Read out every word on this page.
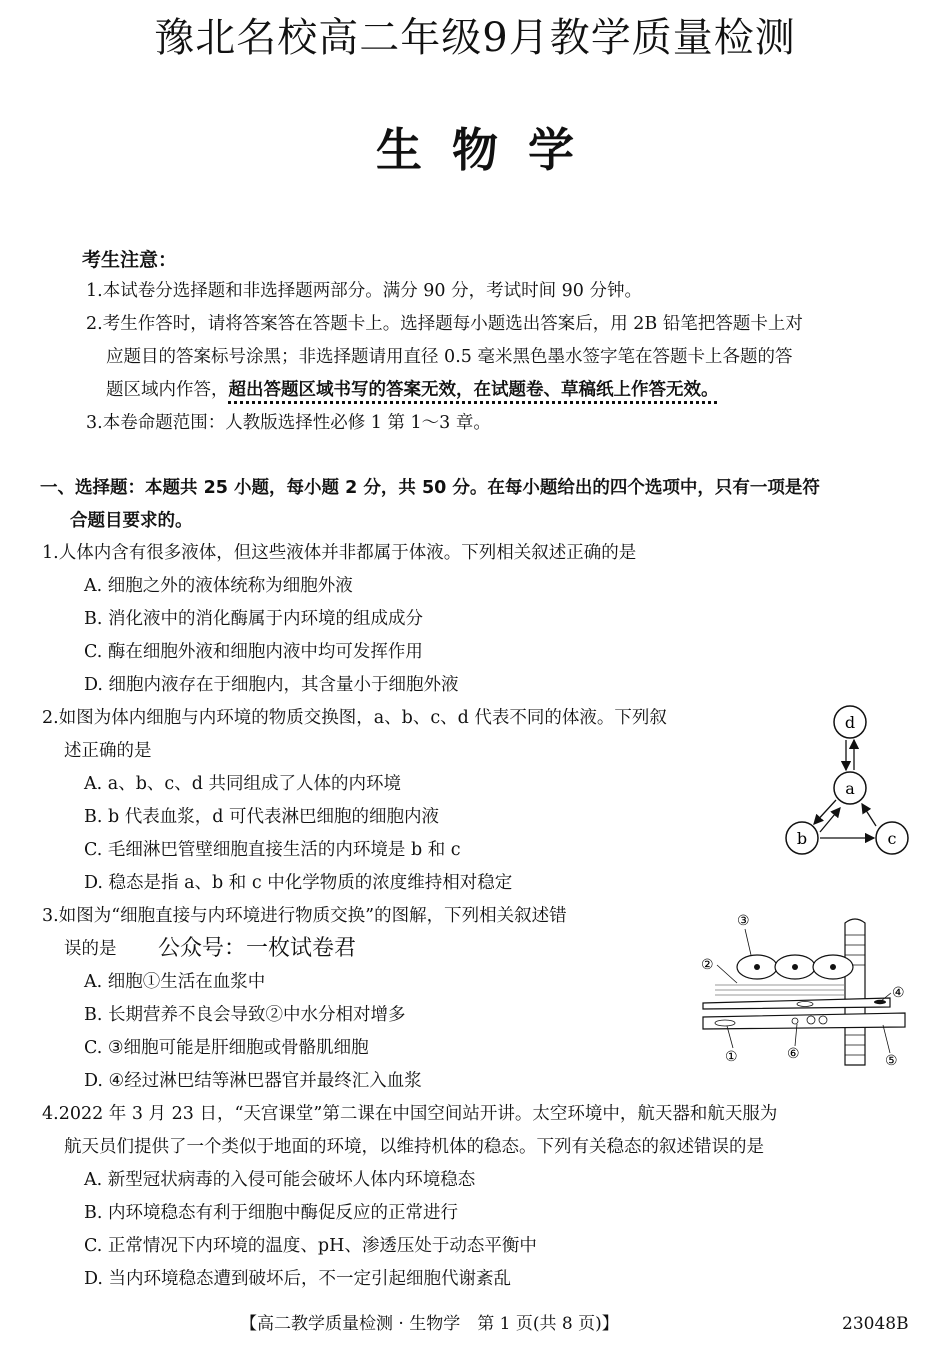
豫北名校高二年级9月教学质量检测
生物学
考生注意：
1.本试卷分选择题和非选择题两部分。满分 90 分，考试时间 90 分钟。
2.考生作答时，请将答案答在答题卡上。选择题每小题选出答案后，用 2B 铅笔把答题卡上对
应题目的答案标号涂黑；非选择题请用直径 0.5 毫米黑色墨水签字笔在答题卡上各题的答
题区域内作答，超出答题区域书写的答案无效，在试题卷、草稿纸上作答无效。
3.本卷命题范围：人教版选择性必修 1 第 1～3 章。
一、选择题：本题共 25 小题，每小题 2 分，共 50 分。在每小题给出的四个选项中，只有一项是符
合题目要求的。
1.人体内含有很多液体，但这些液体并非都属于体液。下列相关叙述正确的是
A. 细胞之外的液体统称为细胞外液
B. 消化液中的消化酶属于内环境的组成成分
C. 酶在细胞外液和细胞内液中均可发挥作用
D. 细胞内液存在于细胞内，其含量小于细胞外液
2.如图为体内细胞与内环境的物质交换图，a、b、c、d 代表不同的体液。下列叙
述正确的是
A. a、b、c、d 共同组成了人体的内环境
B. b 代表血浆，d 可代表淋巴细胞的细胞内液
C. 毛细淋巴管壁细胞直接生活的内环境是 b 和 c
D. 稳态是指 a、b 和 c 中化学物质的浓度维持相对稳定
d
a
b	c
3.如图为“细胞直接与内环境进行物质交换”的图解，下列相关叙述错
误的是 公众号：一枚试卷君
A. 细胞①生活在血浆中
B. 长期营养不良会导致②中水分相对增多
C. ③细胞可能是肝细胞或骨骼肌细胞
D. ④经过淋巴结等淋巴器官并最终汇入血浆
③
②
④
①	⑥	⑤
4.2022 年 3 月 23 日，“天宫课堂”第二课在中国空间站开讲。太空环境中，航天器和航天服为
航天员们提供了一个类似于地面的环境，以维持机体的稳态。下列有关稳态的叙述错误的是
A. 新型冠状病毒的入侵可能会破坏人体内环境稳态
B. 内环境稳态有利于细胞中酶促反应的正常进行
C. 正常情况下内环境的温度、pH、渗透压处于动态平衡中
D. 当内环境稳态遭到破坏后，不一定引起细胞代谢紊乱
【高二教学质量检测 · 生物学　第 1 页(共 8 页)】	23048B
